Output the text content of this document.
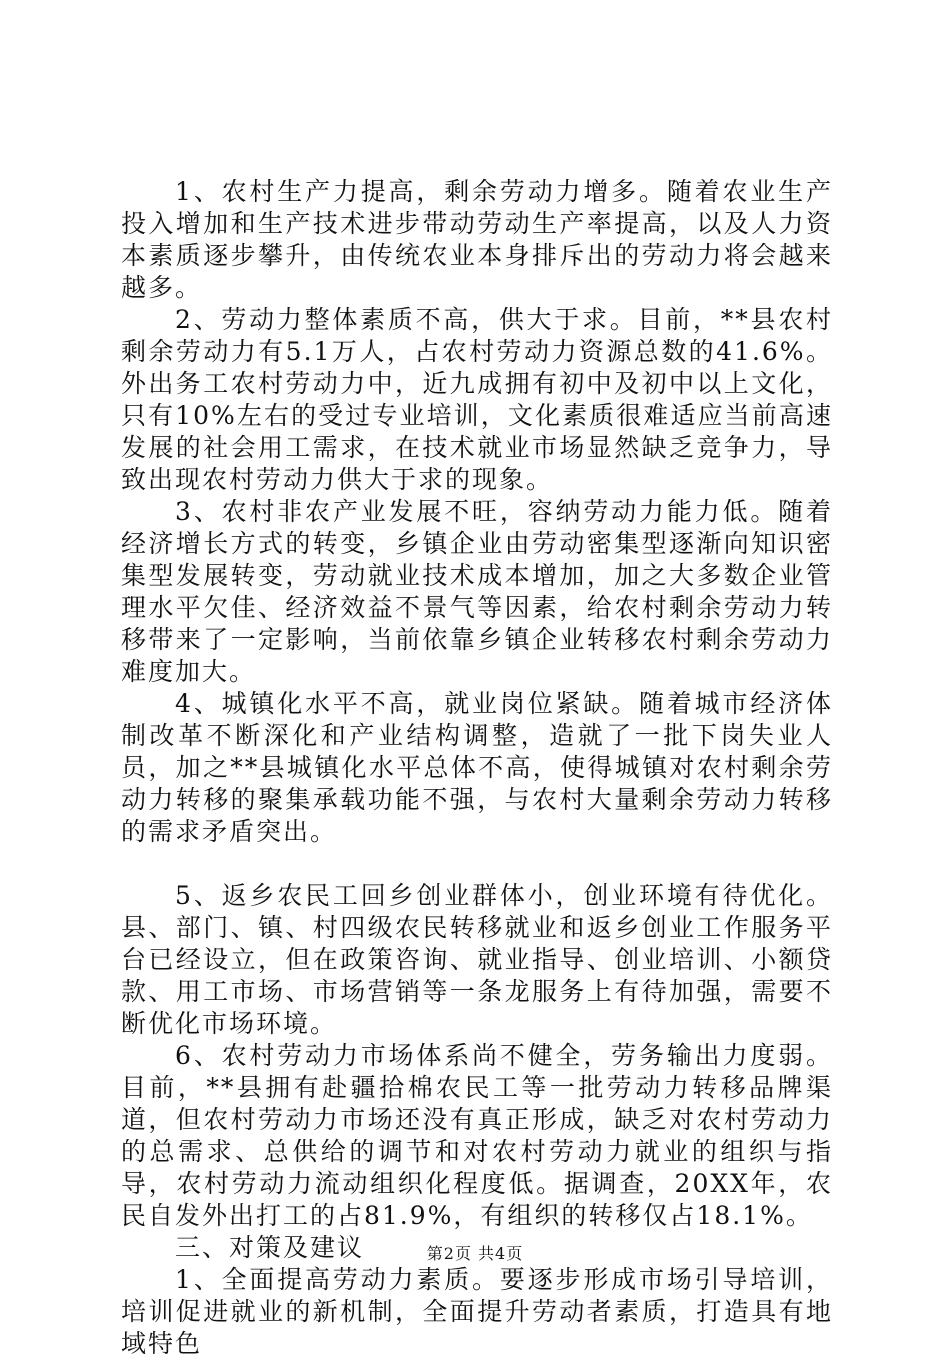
1、农村生产力提高，剩余劳动力增多。随着农业生产投入增加和生产技术进步带动劳动生产率提高，以及人力资本素质逐步攀升，由传统农业本身排斥出的劳动力将会越来越多。

2、劳动力整体素质不高，供大于求。目前，**县农村剩余劳动力有5.1万人，占农村劳动力资源总数的41.6%。外出务工农村劳动力中，近九成拥有初中及初中以上文化，只有10%左右的受过专业培训，文化素质很难适应当前高速发展的社会用工需求，在技术就业市场显然缺乏竞争力，导致出现农村劳动力供大于求的现象。

3、农村非农产业发展不旺，容纳劳动力能力低。随着经济增长方式的转变，乡镇企业由劳动密集型逐渐向知识密集型发展转变，劳动就业技术成本增加，加之大多数企业管理水平欠佳、经济效益不景气等因素，给农村剩余劳动力转移带来了一定影响，当前依靠乡镇企业转移农村剩余劳动力难度加大。

4、城镇化水平不高，就业岗位紧缺。随着城市经济体制改革不断深化和产业结构调整，造就了一批下岗失业人员，加之**县城镇化水平总体不高，使得城镇对农村剩余劳动力转移的聚集承载功能不强，与农村大量剩余劳动力转移的需求矛盾突出。

5、返乡农民工回乡创业群体小，创业环境有待优化。县、部门、镇、村四级农民转移就业和返乡创业工作服务平台已经设立，但在政策咨询、就业指导、创业培训、小额贷款、用工市场、市场营销等一条龙服务上有待加强，需要不断优化市场环境。

6、农村劳动力市场体系尚不健全，劳务输出力度弱。目前，**县拥有赴疆拾棉农民工等一批劳动力转移品牌渠道，但农村劳动力市场还没有真正形成，缺乏对农村劳动力的总需求、总供给的调节和对农村劳动力就业的组织与指导，农村劳动力流动组织化程度低。据调查，20XX年，农民自发外出打工的占81.9%，有组织的转移仅占18.1%。

三、对策及建议

1、全面提高劳动力素质。要逐步形成市场引导培训，培训促进就业的新机制，全面提升劳动者素质，打造具有地域特色

第2页 共4页
